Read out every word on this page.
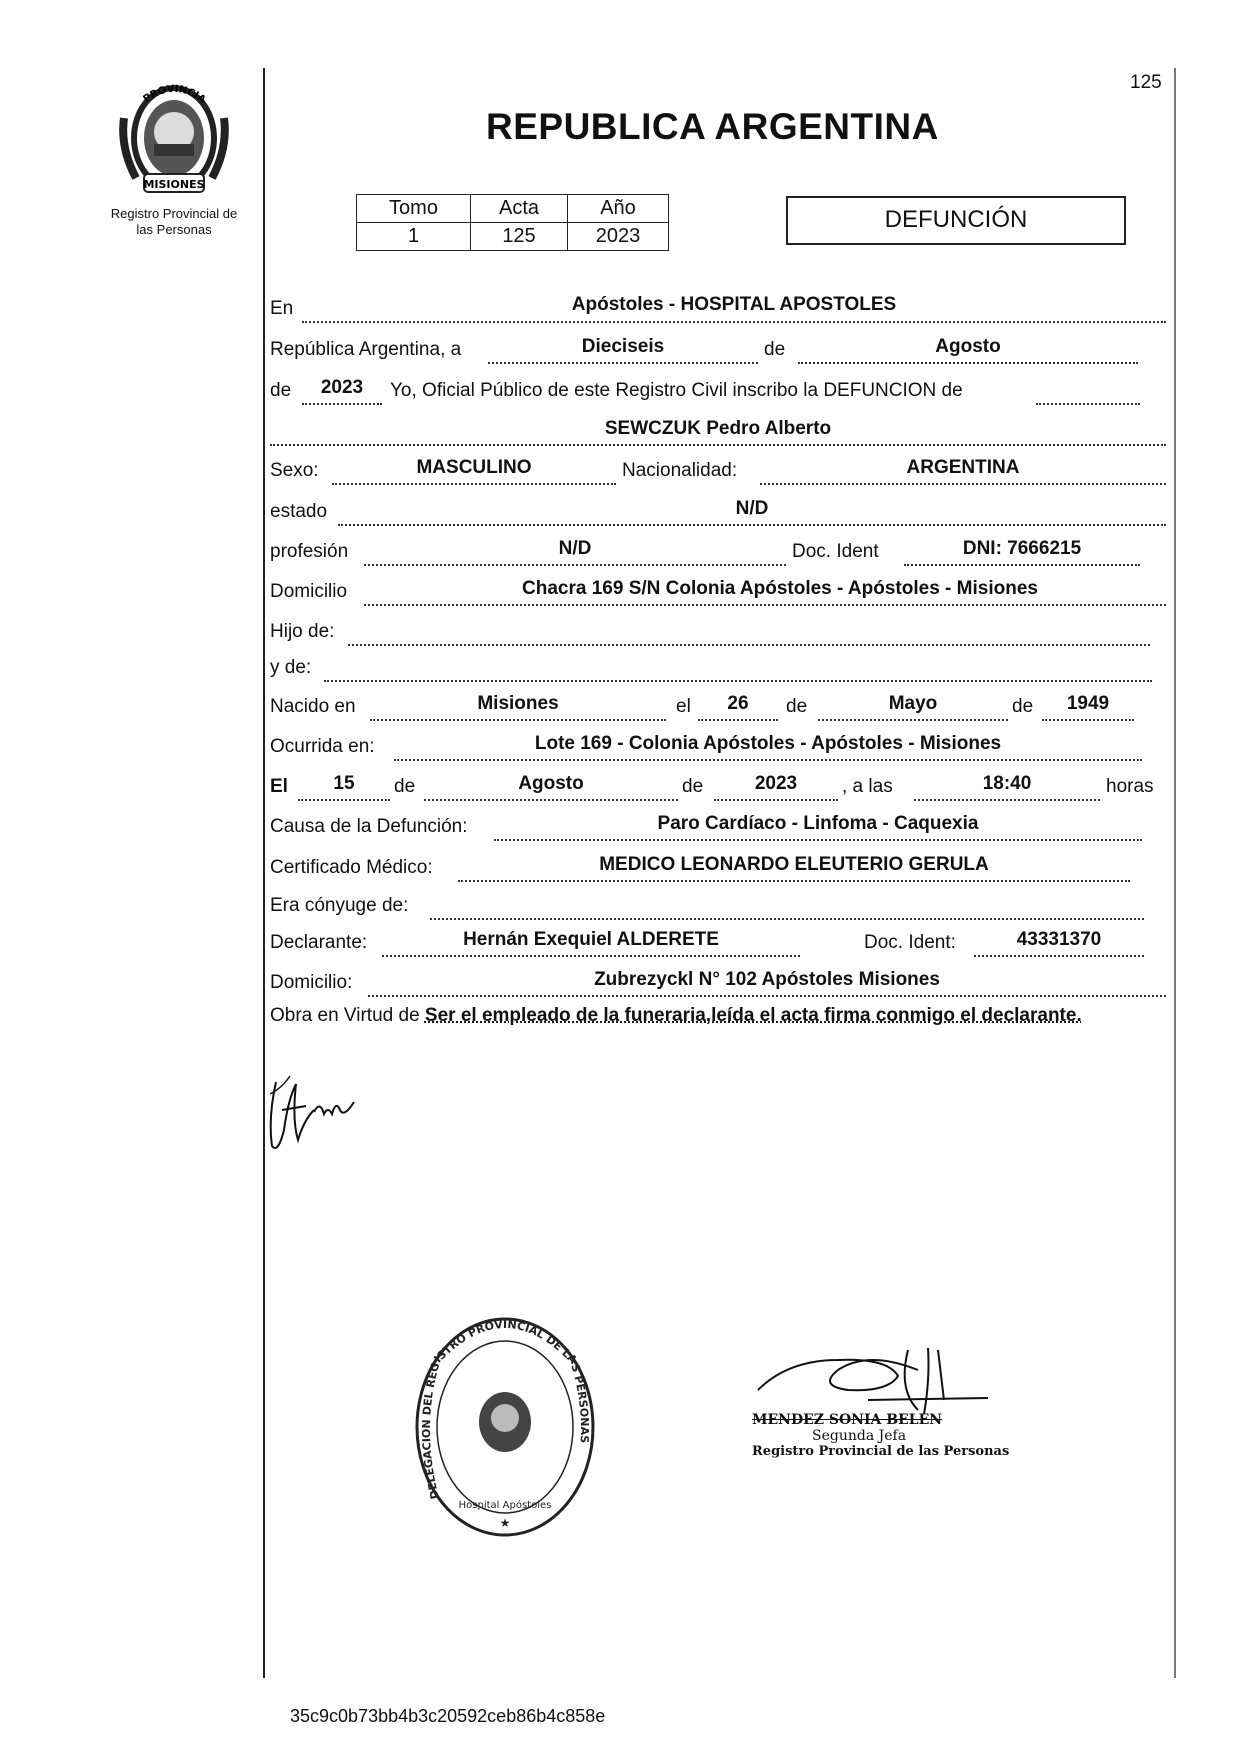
125
PROVINCIA
MISIONES
Registro Provincial de
las Personas
REPUBLICA ARGENTINA
Tomo	Acta	Año
1	125	2023
DEFUNCIÓN
En	Apóstoles - HOSPITAL APOSTOLES
República Argentina, a	Dieciseis	de	Agosto
de	2023	Yo, Oficial Público de este Registro Civil inscribo la DEFUNCION de
SEWCZUK Pedro Alberto
Sexo:	MASCULINO	Nacionalidad:	ARGENTINA
estado	N/D
profesión	N/D	Doc. Ident	DNI: 7666215
Domicilio	Chacra 169 S/N Colonia Apóstoles - Apóstoles - Misiones
Hijo de:
y de:
Nacido en	Misiones	el	26	de	Mayo	de	1949
Ocurrida en:	Lote 169 - Colonia Apóstoles - Apóstoles - Misiones
El	15	de	Agosto	de	2023	, a las	18:40	horas
Causa de la Defunción:	Paro Cardíaco - Linfoma - Caquexia
Certificado Médico:	MEDICO LEONARDO ELEUTERIO GERULA
Era cónyuge de:
Declarante:	Hernán Exequiel ALDERETE	Doc. Ident:	43331370
Domicilio:	Zubrezyckl N° 102 Apóstoles Misiones
Obra en Virtud de Ser el empleado de la funeraria,leída el acta firma conmigo el declarante.
DELEGACION DEL REGISTRO PROVINCIAL DE LAS PERSONAS
Hospital Apóstoles
★
MENDEZ SONIA BELEN
Segunda Jefa
Registro Provincial de las Personas
35c9c0b73bb4b3c20592ceb86b4c858e
